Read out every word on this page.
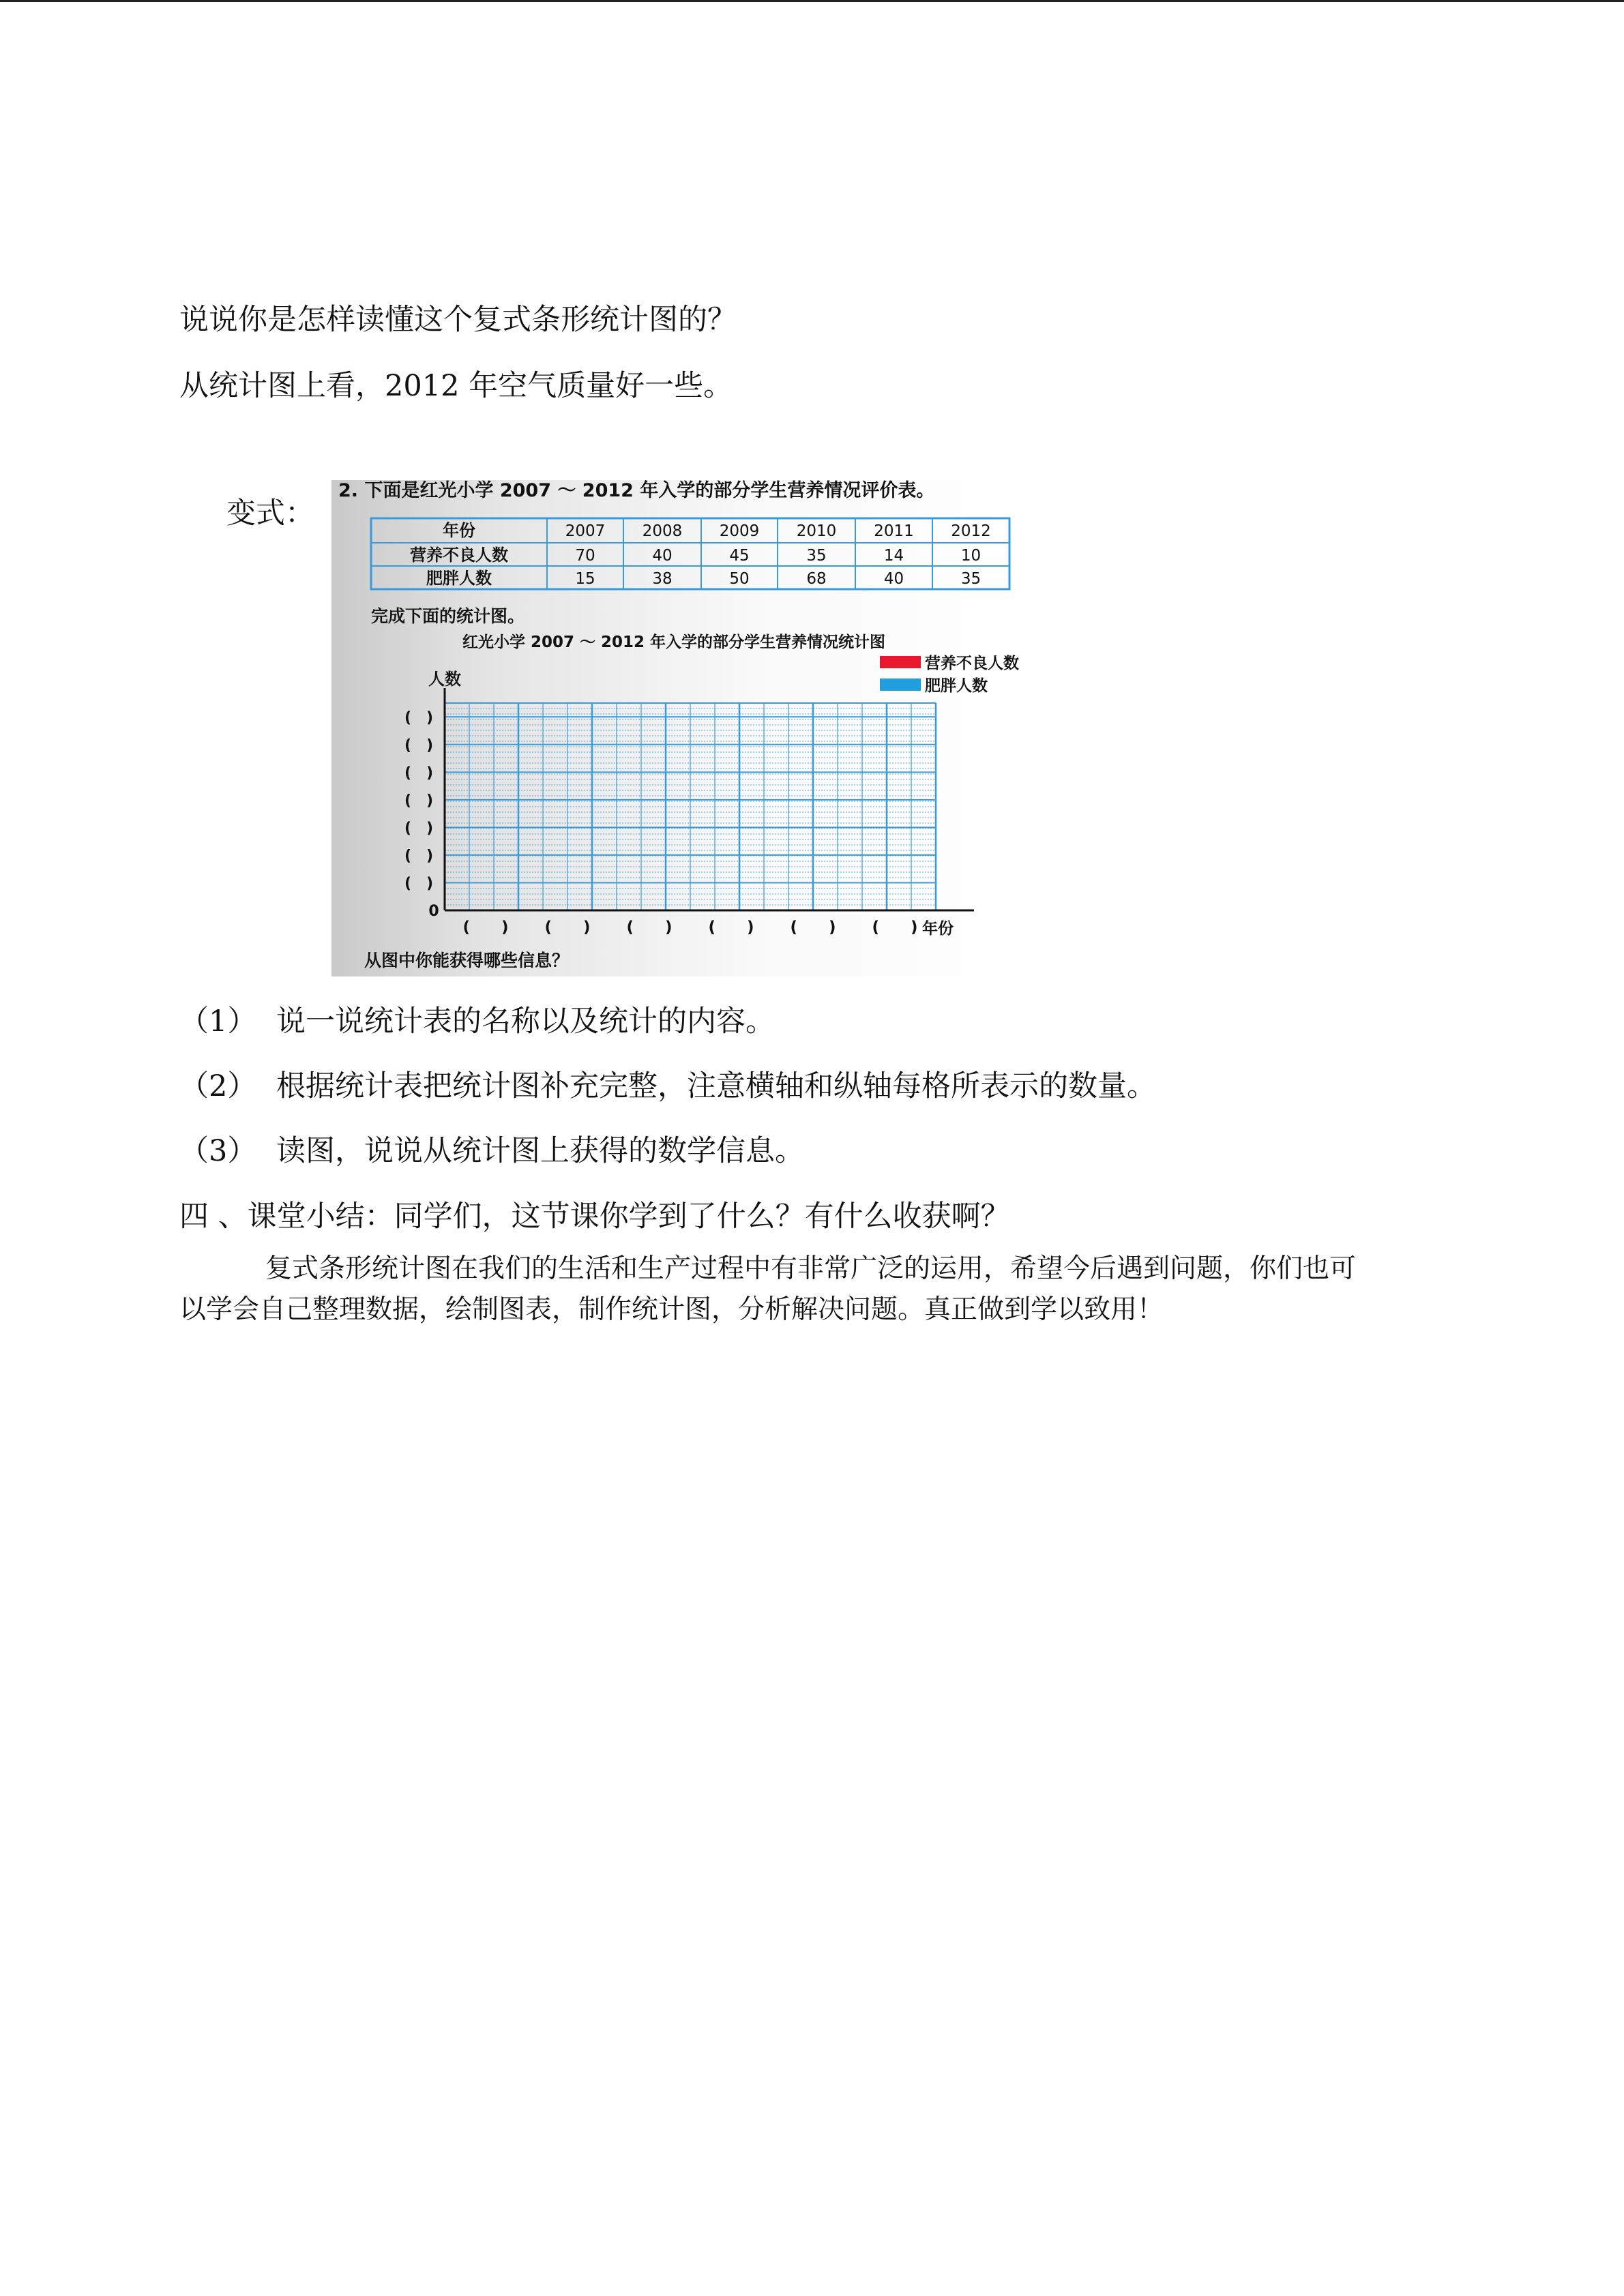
说说你是怎样读懂这个复式条形统计图的？
从统计图上看，2012 年空气质量好一些。
变式：
2. 下面是红光小学 2007 ～ 2012 年入学的部分学生营养情况评价表。
年份	2007 2008 2009 2010 2011 2012
营养不良人数	70	40	45	35	14	10
肥胖人数	15	38	50	68	40	35
完成下面的统计图。
红光小学 2007 ～ 2012 年入学的部分学生营养情况统计图
人数
(　)
(　)
(　)
(　)
(　)
(　)
(　)
0
(　　) (　　) (　　) (　　) (　　) (　　) 年份
营养不良人数
肥胖人数
从图中你能获得哪些信息？
（1） 说一说统计表的名称以及统计的内容。
（2） 根据统计表把统计图补充完整，注意横轴和纵轴每格所表示的数量。
（3） 读图，说说从统计图上获得的数学信息。
四 、课堂小结：同学们，这节课你学到了什么？有什么收获啊？
复式条形统计图在我们的生活和生产过程中有非常广泛的运用，希望今后遇到问题，你们也可
以学会自己整理数据，绘制图表，制作统计图，分析解决问题。真正做到学以致用！
